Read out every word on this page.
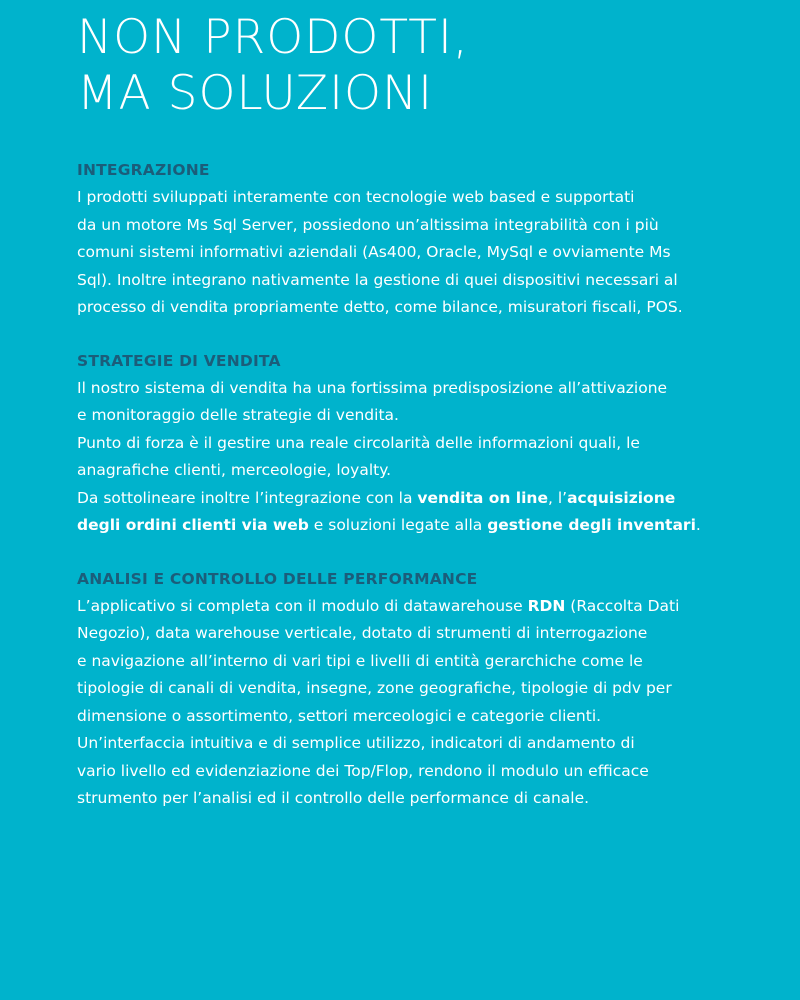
NON PRODOTTI,
MA SOLUZIONI
INTEGRAZIONE
I prodotti sviluppati interamente con tecnologie web based e supportati
da un motore Ms Sql Server, possiedono un’altissima integrabilità con i più
comuni sistemi informativi aziendali (As400, Oracle, MySql e ovviamente Ms
Sql). Inoltre integrano nativamente la gestione di quei dispositivi necessari al
processo di vendita propriamente detto, come bilance, misuratori fiscali, POS.
STRATEGIE DI VENDITA
Il nostro sistema di vendita ha una fortissima predisposizione all’attivazione
e monitoraggio delle strategie di vendita.
Punto di forza è il gestire una reale circolarità delle informazioni quali, le
anagrafiche clienti, merceologie, loyalty.
Da sottolineare inoltre l’integrazione con la vendita on line, l’acquisizione
degli ordini clienti via web e soluzioni legate alla gestione degli inventari.
ANALISI E CONTROLLO DELLE PERFORMANCE
L’applicativo si completa con il modulo di datawarehouse RDN (Raccolta Dati
Negozio), data warehouse verticale, dotato di strumenti di interrogazione
e navigazione all’interno di vari tipi e livelli di entità gerarchiche come le
tipologie di canali di vendita, insegne, zone geografiche, tipologie di pdv per
dimensione o assortimento, settori merceologici e categorie clienti.
Un’interfaccia intuitiva e di semplice utilizzo, indicatori di andamento di
vario livello ed evidenziazione dei Top/Flop, rendono il modulo un efficace
strumento per l’analisi ed il controllo delle performance di canale.
